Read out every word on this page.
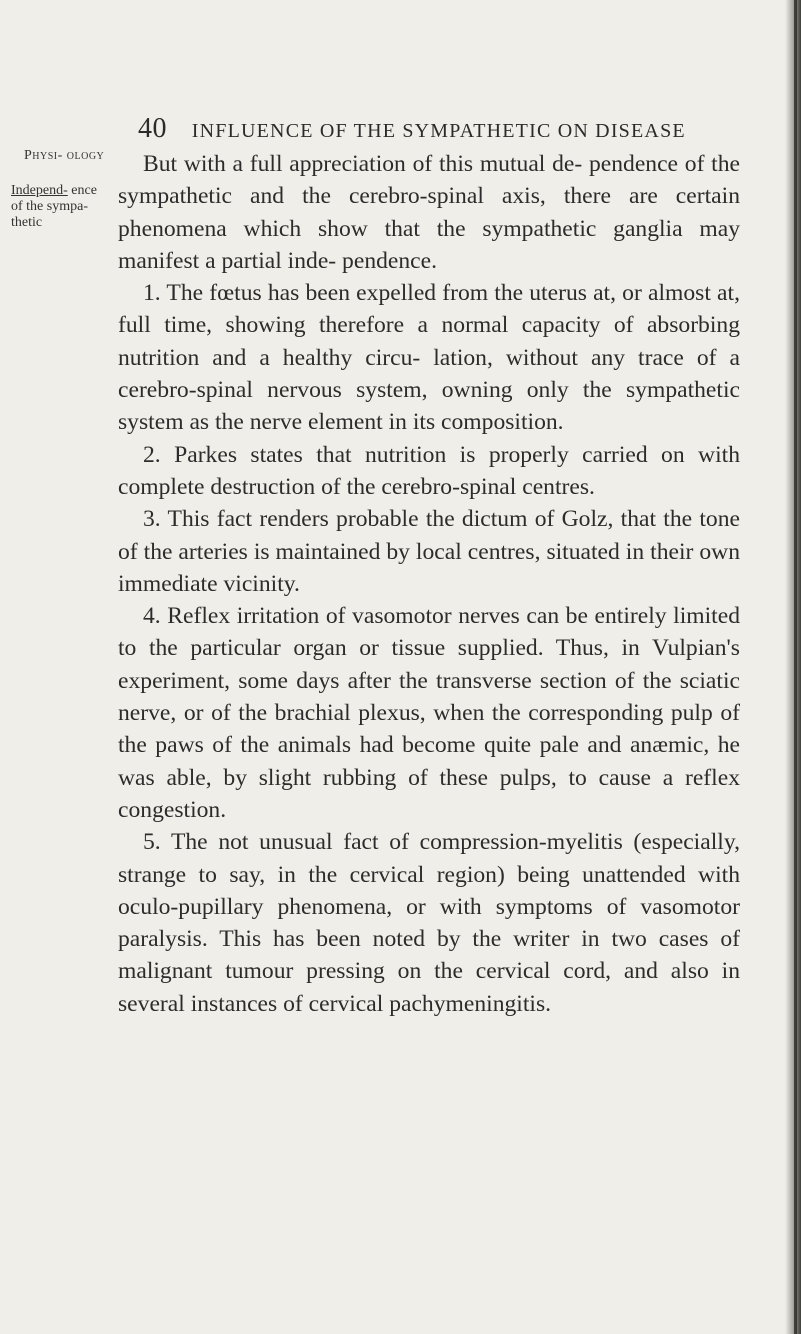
40 INFLUENCE OF THE SYMPATHETIC ON DISEASE
Physi- ology
Independ- ence of the sympa- thetic

But with a full appreciation of this mutual de- pendence of the sympathetic and the cerebro-spinal axis, there are certain phenomena which show that the sympathetic ganglia may manifest a partial inde- pendence.

1. The fœtus has been expelled from the uterus at, or almost at, full time, showing therefore a normal capacity of absorbing nutrition and a healthy circu- lation, without any trace of a cerebro-spinal nervous system, owning only the sympathetic system as the nerve element in its composition.

2. Parkes states that nutrition is properly carried on with complete destruction of the cerebro-spinal centres.

3. This fact renders probable the dictum of Golz, that the tone of the arteries is maintained by local centres, situated in their own immediate vicinity.

4. Reflex irritation of vasomotor nerves can be entirely limited to the particular organ or tissue supplied. Thus, in Vulpian's experiment, some days after the transverse section of the sciatic nerve, or of the brachial plexus, when the corresponding pulp of the paws of the animals had become quite pale and anæmic, he was able, by slight rubbing of these pulps, to cause a reflex congestion.

5. The not unusual fact of compression-myelitis (especially, strange to say, in the cervical region) being unattended with oculo-pupillary phenomena, or with symptoms of vasomotor paralysis. This has been noted by the writer in two cases of malignant tumour pressing on the cervical cord, and also in several instances of cervical pachymeningitis.
